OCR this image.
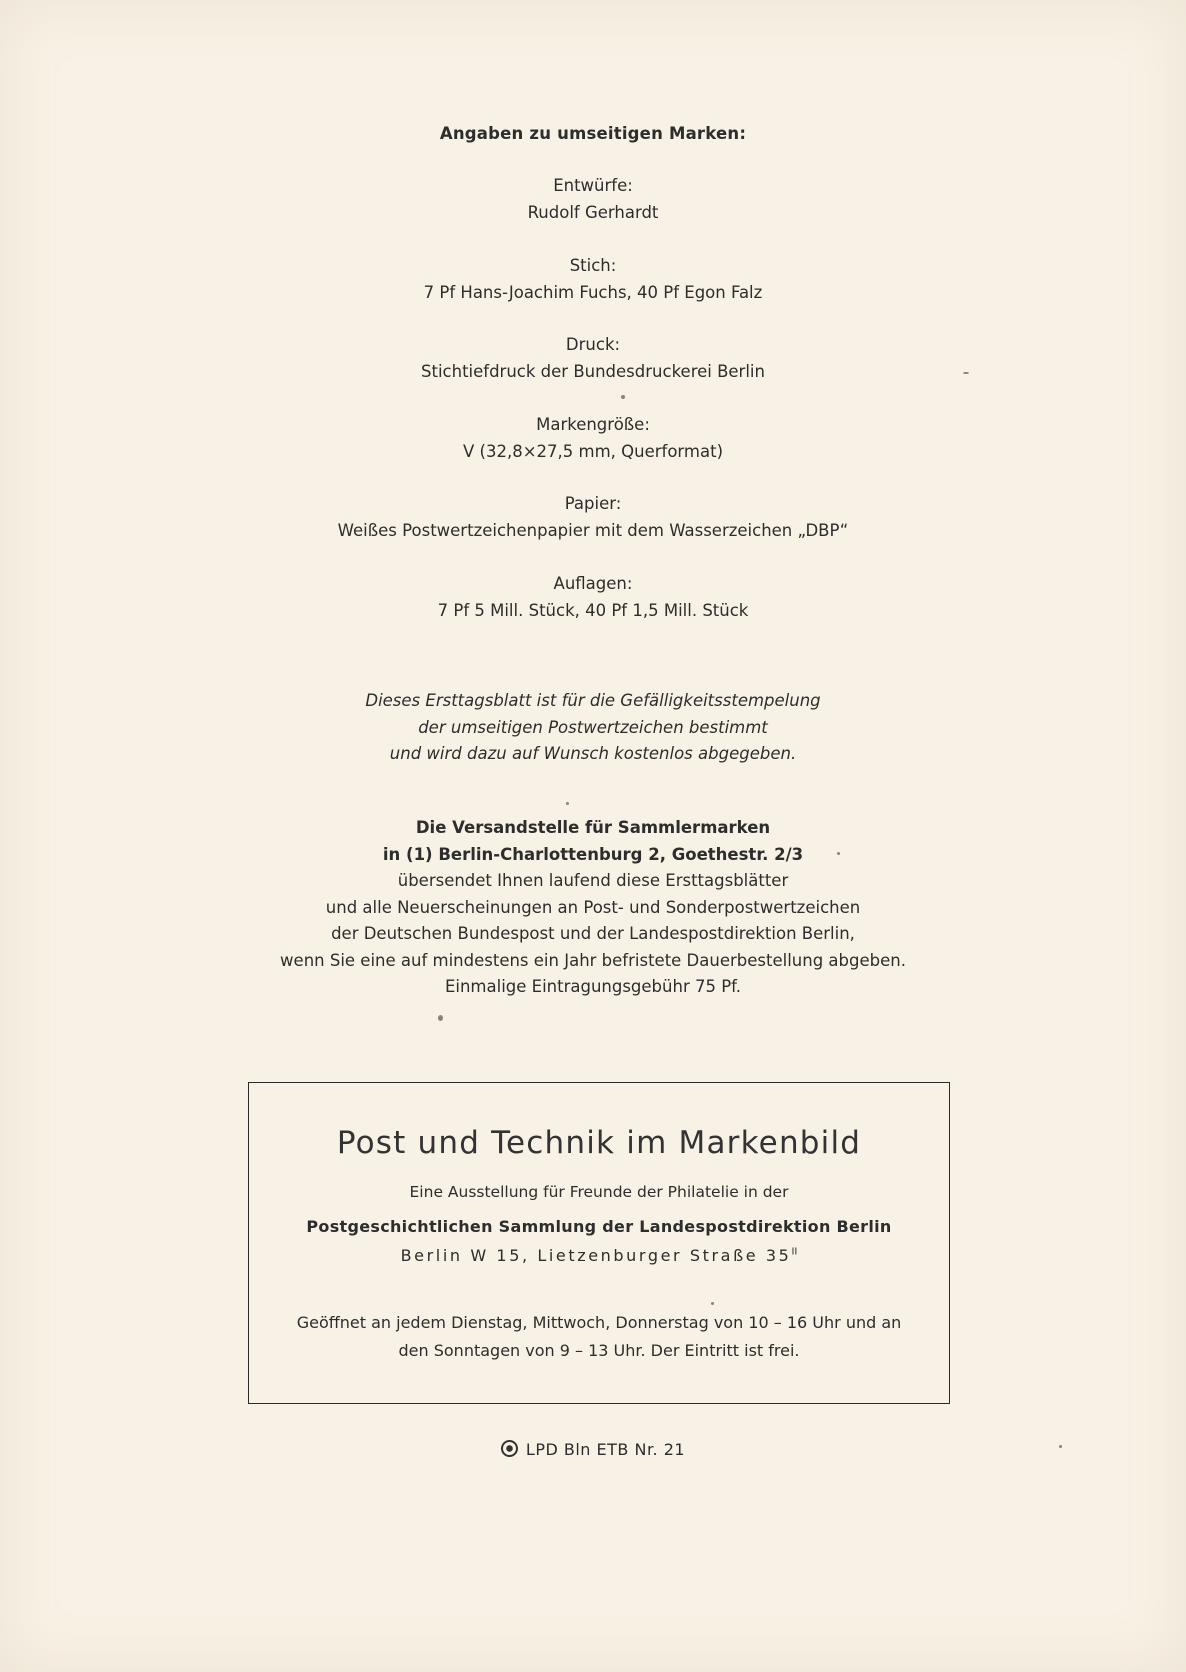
Angaben zu umseitigen Marken:
Entwürfe:
Rudolf Gerhardt
Stich:
7 Pf Hans-Joachim Fuchs, 40 Pf Egon Falz
Druck:
Stichtiefdruck der Bundesdruckerei Berlin
Markengröße:
V (32,8×27,5 mm, Querformat)
Papier:
Weißes Postwertzeichenpapier mit dem Wasserzeichen „DBP“
Auflagen:
7 Pf 5 Mill. Stück, 40 Pf 1,5 Mill. Stück
Dieses Ersttagsblatt ist für die Gefälligkeitsstempelung
der umseitigen Postwertzeichen bestimmt
und wird dazu auf Wunsch kostenlos abgegeben.
Die Versandstelle für Sammlermarken
in (1) Berlin-Charlottenburg 2, Goethestr. 2/3
übersendet Ihnen laufend diese Ersttagsblätter
und alle Neuerscheinungen an Post- und Sonderpostwertzeichen
der Deutschen Bundespost und der Landespostdirektion Berlin,
wenn Sie eine auf mindestens ein Jahr befristete Dauerbestellung abgeben.
Einmalige Eintragungsgebühr 75 Pf.
Post und Technik im Markenbild
Eine Ausstellung für Freunde der Philatelie in der
Postgeschichtlichen Sammlung der Landespostdirektion Berlin
Berlin W 15, Lietzenburger Straße $35^{II}$
Geöffnet an jedem Dienstag, Mittwoch, Donnerstag von 10 – 16 Uhr und an
den Sonntagen von 9 – 13 Uhr. Der Eintritt ist frei.
LPD Bln ETB Nr. 21
